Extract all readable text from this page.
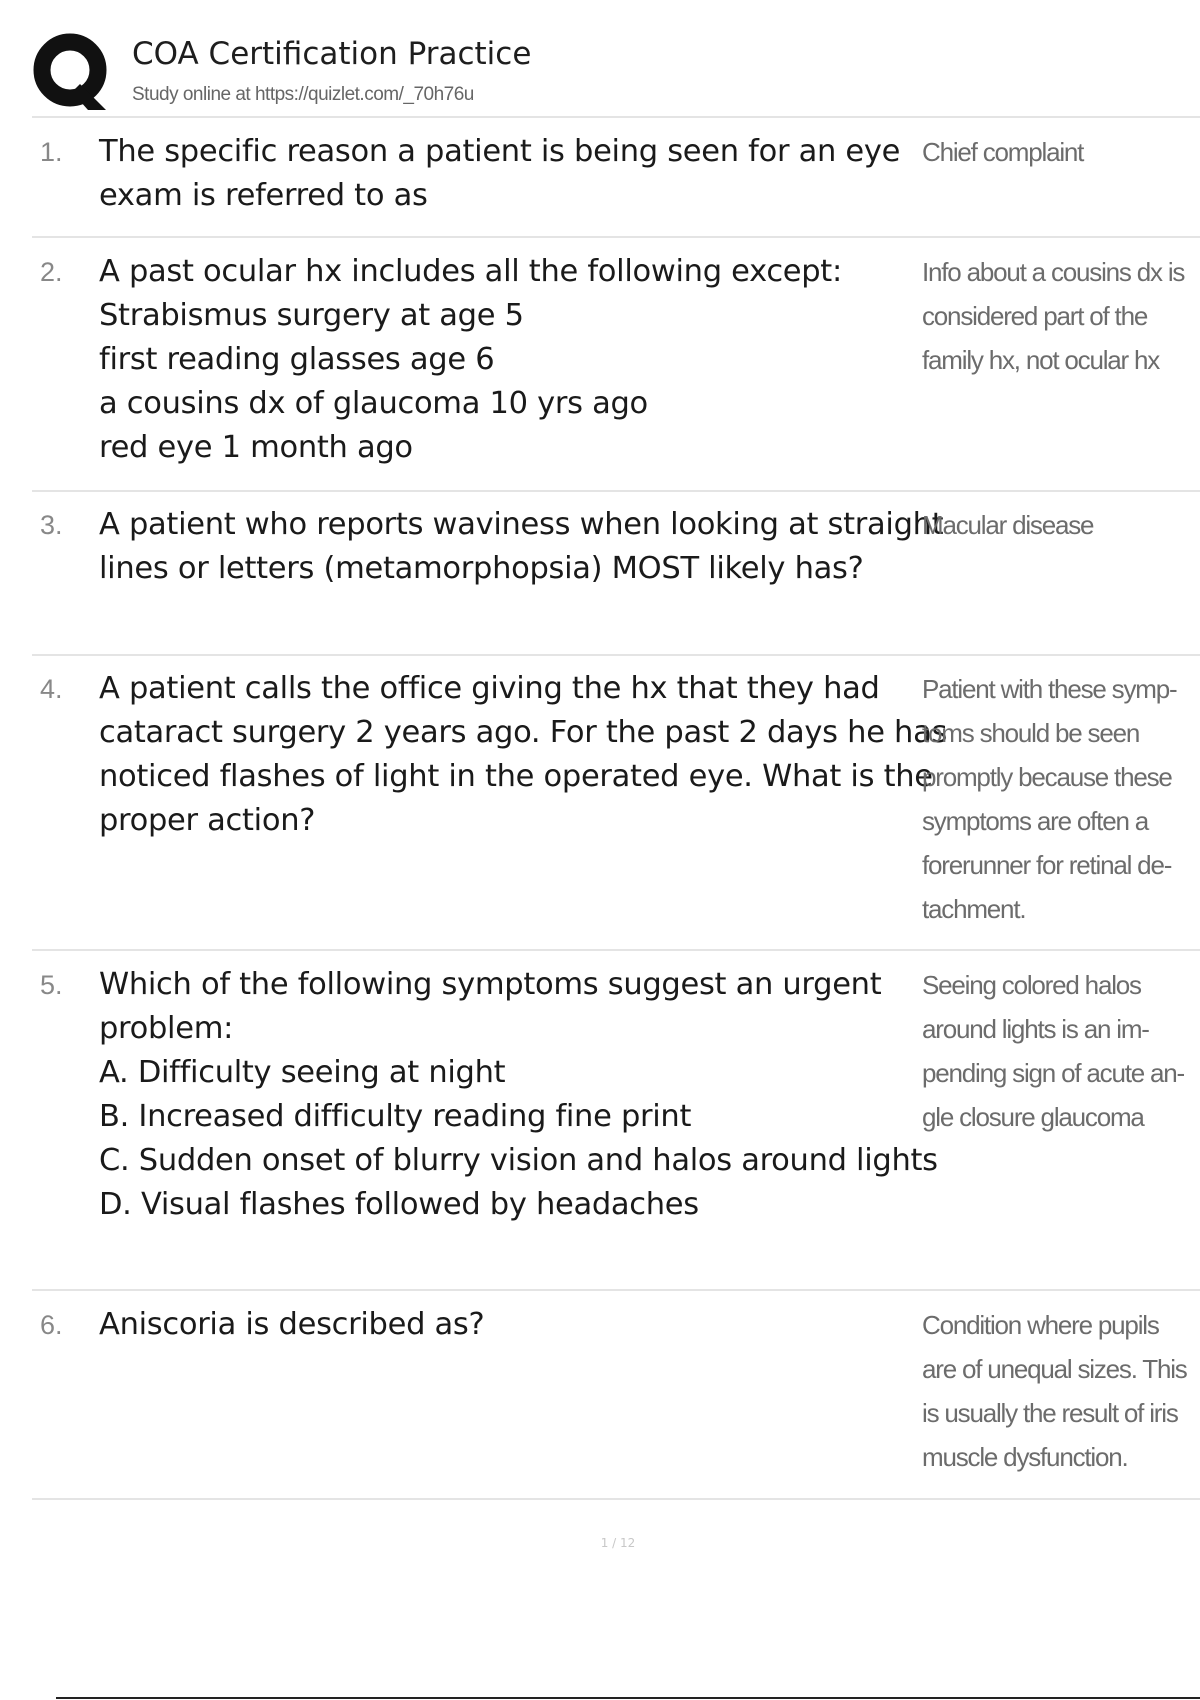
COA Certification Practice
Study online at https://quizlet.com/_70h76u
1. The specific reason a patient is being seen for an eye exam is referred to as
Chief complaint
2. A past ocular hx includes all the following except:
Strabismus surgery at age 5
first reading glasses age 6
a cousins dx of glaucoma 10 yrs ago
red eye 1 month ago
Info about a cousins dx is considered part of the family hx, not ocular hx
3. A patient who reports waviness when looking at straight lines or letters (metamorphopsia) MOST likely has?
Macular disease
4. A patient calls the office giving the hx that they had cataract surgery 2 years ago. For the past 2 days he has noticed flashes of light in the operated eye. What is the proper action?
Patient with these symp-toms should be seen promptly because these symptoms are often a forerunner for retinal de-tachment.
5. Which of the following symptoms suggest an urgent problem:
A. Difficulty seeing at night
B. Increased difficulty reading fine print
C. Sudden onset of blurry vision and halos around lights
D. Visual flashes followed by headaches
Seeing colored halos around lights is an im-pending sign of acute an-gle closure glaucoma
6. Aniscoria is described as?	Condition where pupils are of unequal sizes. This is usually the result of iris muscle dysfunction.
1 / 12
